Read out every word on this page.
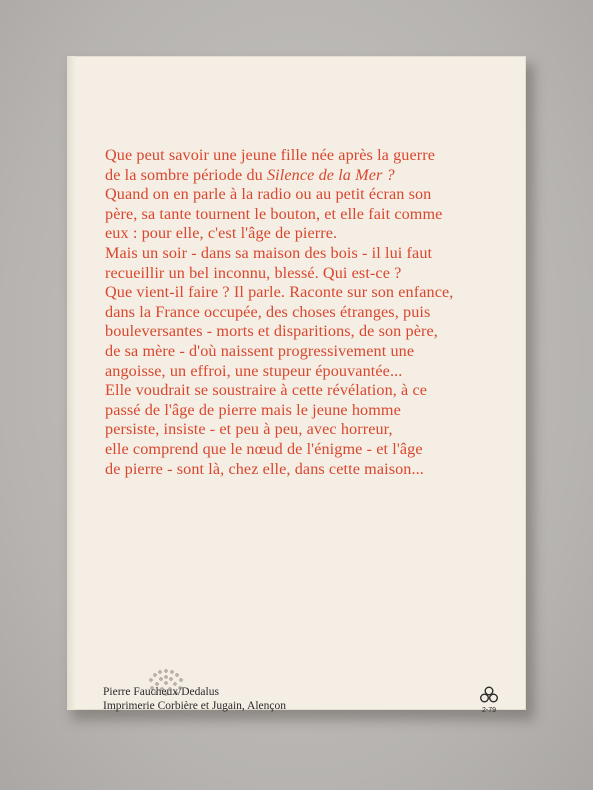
Que peut savoir une jeune fille née après la guerre
de la sombre période du Silence de la Mer ?
Quand on en parle à la radio ou au petit écran son
père, sa tante tournent le bouton, et elle fait comme
eux : pour elle, c'est l'âge de pierre.
Mais un soir - dans sa maison des bois - il lui faut
recueillir un bel inconnu, blessé. Qui est-ce ?
Que vient-il faire ? Il parle. Raconte sur son enfance,
dans la France occupée, des choses étranges, puis
bouleversantes - morts et disparitions, de son père,
de sa mère - d'où naissent progressivement une
angoisse, un effroi, une stupeur épouvantée...
Elle voudrait se soustraire à cette révélation, à ce
passé de l'âge de pierre mais le jeune homme
persiste, insiste - et peu à peu, avec horreur,
elle comprend que le nœud de l'énigme - et l'âge
de pierre - sont là, chez elle, dans cette maison...
Pierre Faucheux/Dedalus
Imprimerie Corbière et Jugain, Alençon	2-79
